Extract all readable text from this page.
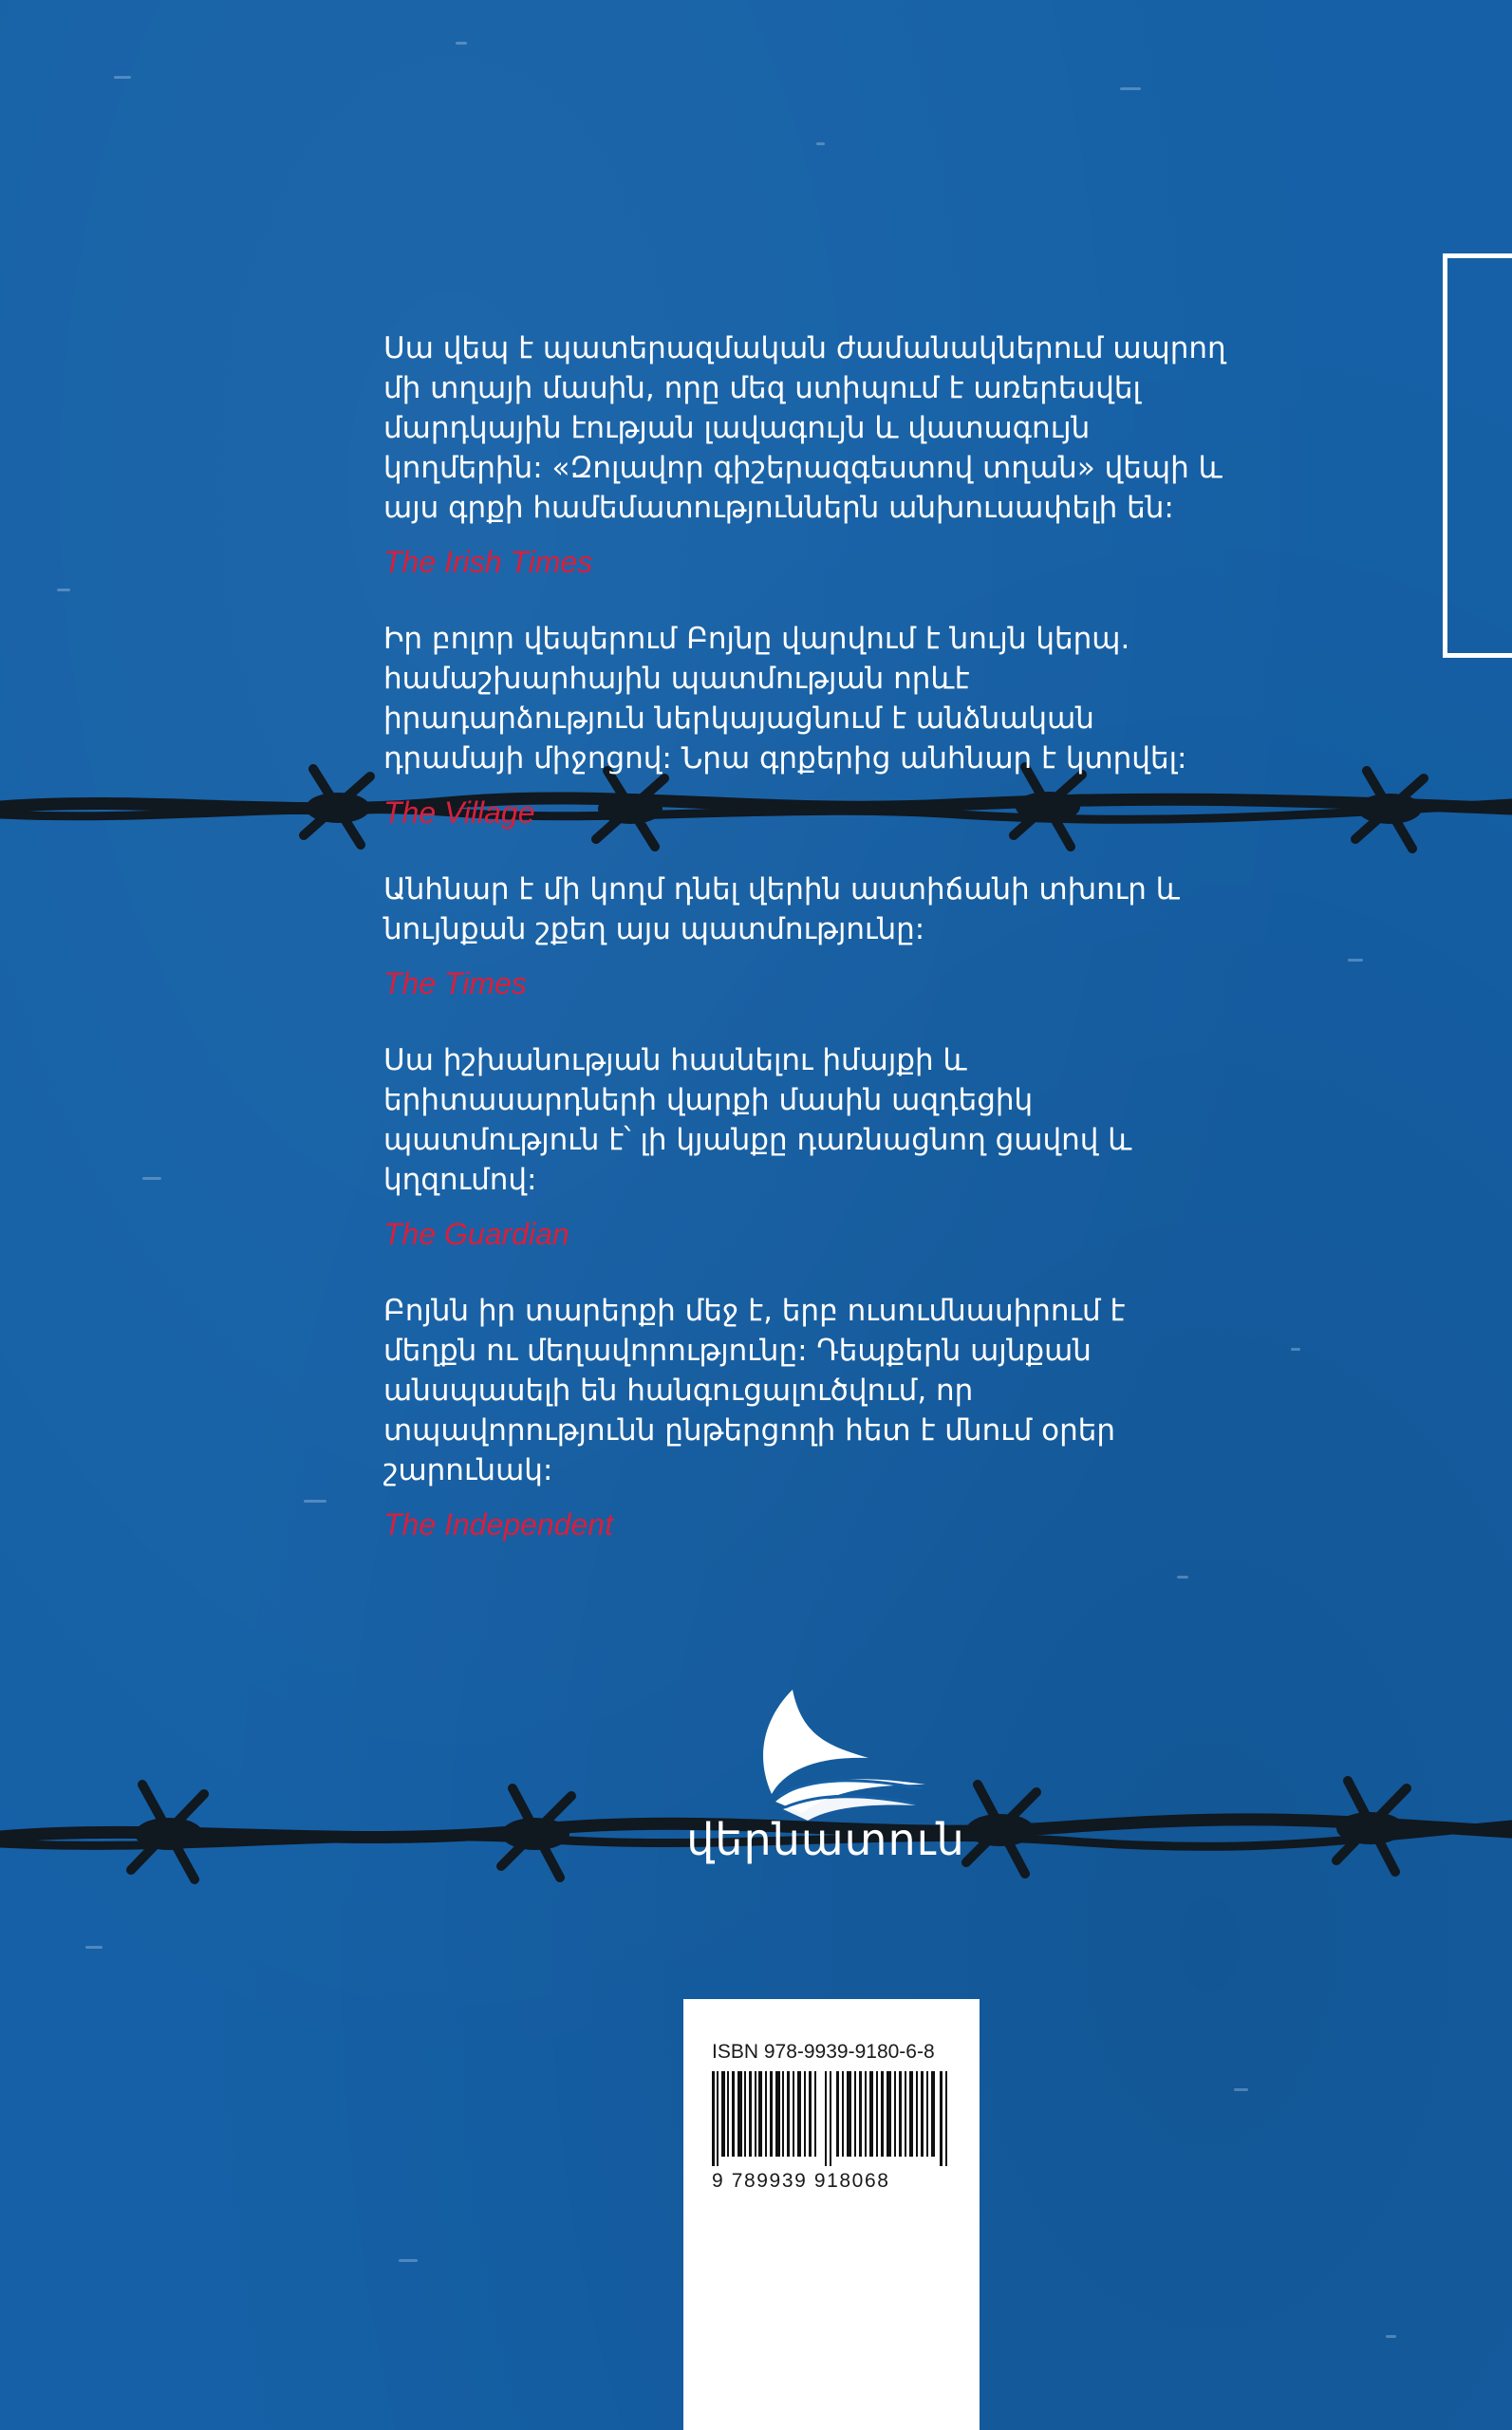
Սա վեպ է պատերազմական ժամանակներում ապրող
մի տղայի մասին, որը մեզ ստիպում է առերեսվել
մարդկային էության լավագույն և վատագույն
կողմերին: «Զոլավոր գիշերազգեստով տղան» վեպի և
այս գրքի համեմատություններն անխուսափելի են:

The Irish Times

Իր բոլոր վեպերում Բոյնը վարվում է նույն կերպ.
համաշխարհային պատմության որևէ
իրադարձություն ներկայացնում է անձնական
դրամայի միջոցով: Նրա գրքերից անհնար է կտրվել:

The Village

Անհնար է մի կողմ դնել վերին աստիճանի տխուր և
նույնքան շքեղ այս պատմությունը:

The Times

Սա իշխանության հասնելու իմայքի և
երիտասարդների վարքի մասին ազդեցիկ
պատմություն է՝ լի կյանքը դառնացնող ցավով և
կղզումով:

The Guardian

Բոյնն իր տարերքի մեջ է, երբ ուսումնասիրում է
մեղքն ու մեղավորությունը: Դեպքերն այնքան
անսպասելի են հանգուցալուծվում, որ
տպավորությունն ընթերցողի հետ է մնում օրեր
շարունակ:

The Independent

վերնատուն
ISBN 978-9939-9180-6-8
9 789939 918068
